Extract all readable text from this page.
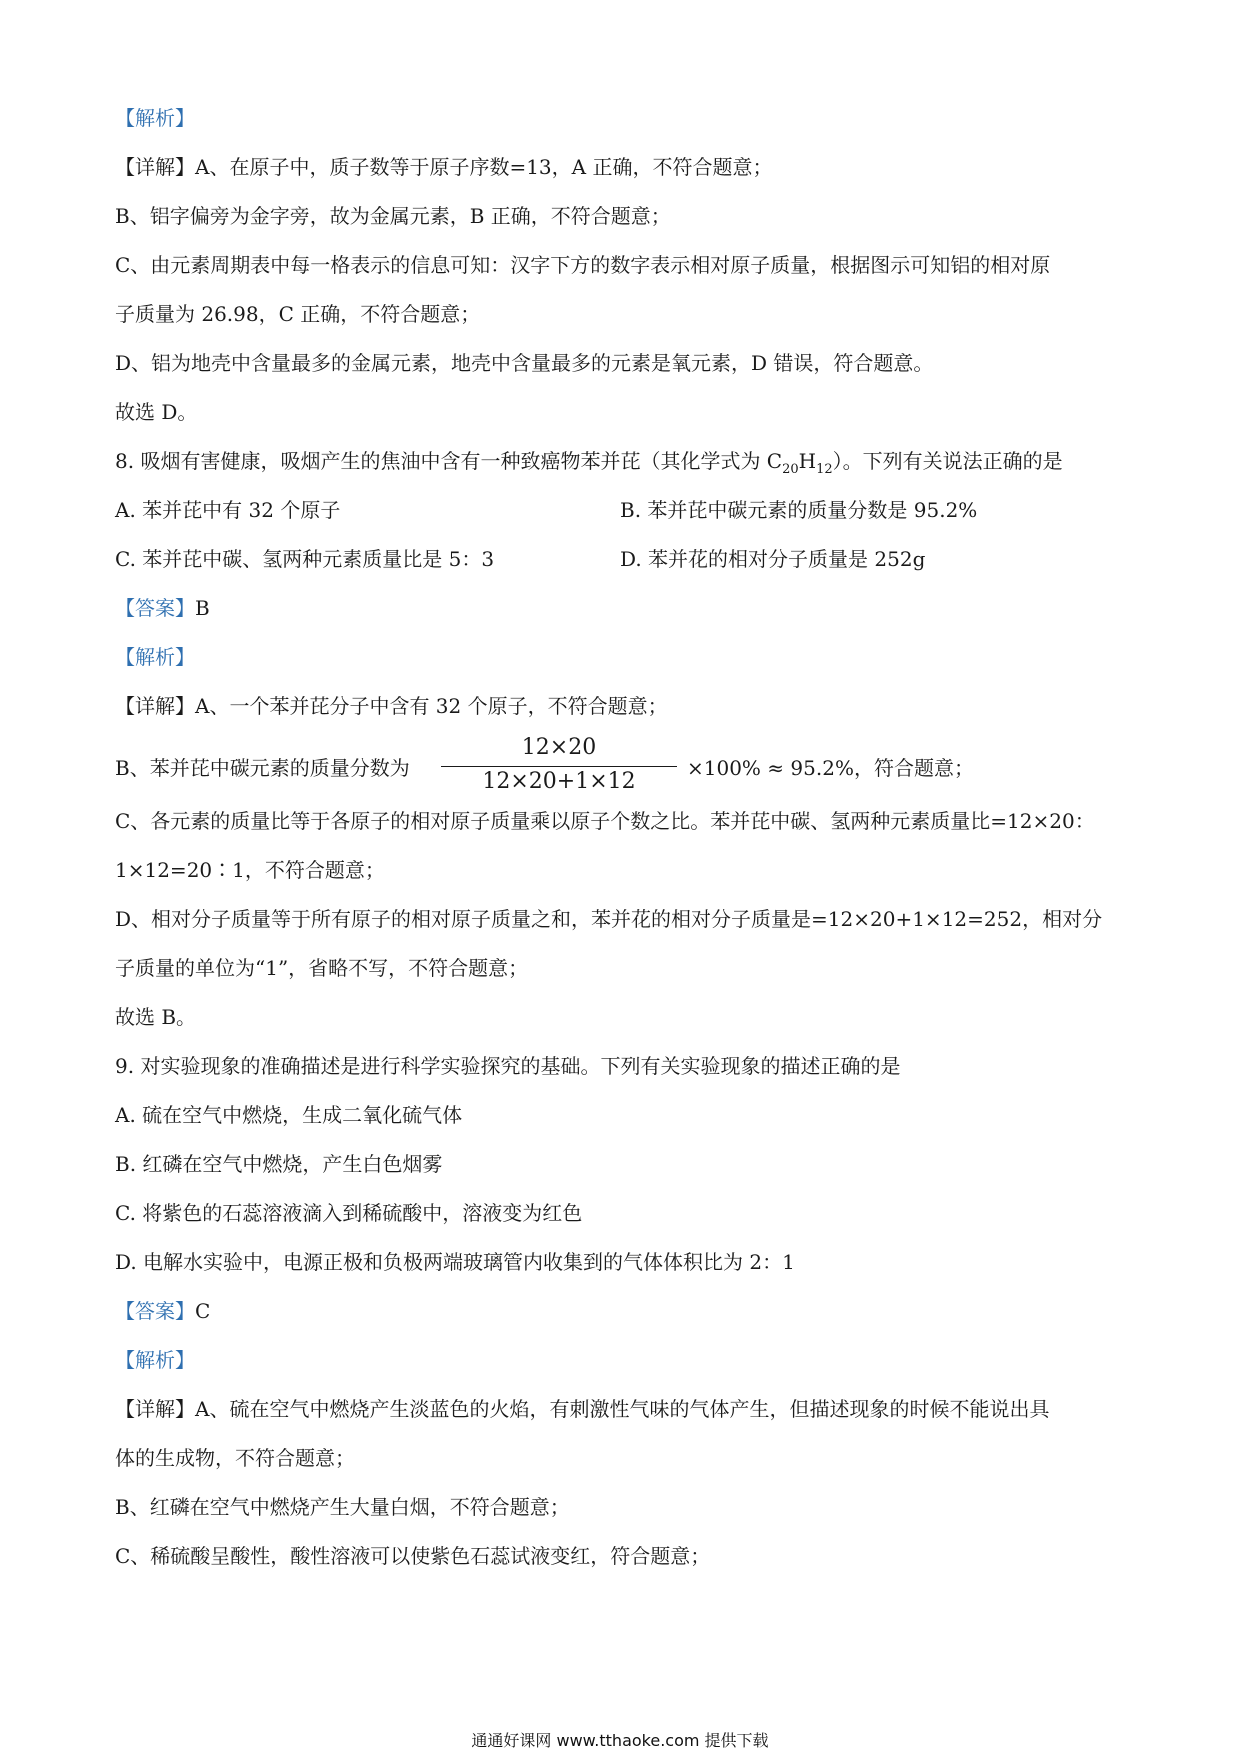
【解析】
【详解】A、在原子中，质子数等于原子序数=13，A 正确，不符合题意；
B、铝字偏旁为金字旁，故为金属元素，B 正确，不符合题意；
C、由元素周期表中每一格表示的信息可知：汉字下方的数字表示相对原子质量，根据图示可知铝的相对原
子质量为 26.98，C 正确，不符合题意；
D、铝为地壳中含量最多的金属元素，地壳中含量最多的元素是氧元素，D 错误，符合题意。
故选 D。
8. 吸烟有害健康，吸烟产生的焦油中含有一种致癌物苯并芘（其化学式为 $C_{20}H_{12}$）。下列有关说法正确的是
A. 苯并芘中有 32 个原子	B. 苯并芘中碳元素的质量分数是 95.2%
C. 苯并芘中碳、氢两种元素质量比是 5：3	D. 苯并花的相对分子质量是 252g
【答案】B
【解析】
【详解】A、一个苯并芘分子中含有 32 个原子，不符合题意；
B、苯并芘中碳元素的质量分数为
12×20
12×20+1×12
×100% ≈ 95.2%，符合题意；
C、各元素的质量比等于各原子的相对原子质量乘以原子个数之比。苯并芘中碳、氢两种元素质量比=12×20：
1×12=20∶1，不符合题意；
D、相对分子质量等于所有原子的相对原子质量之和，苯并花的相对分子质量是=12×20+1×12=252，相对分
子质量的单位为“1”，省略不写，不符合题意；
故选 B。
9. 对实验现象的准确描述是进行科学实验探究的基础。下列有关实验现象的描述正确的是
A. 硫在空气中燃烧，生成二氧化硫气体
B. 红磷在空气中燃烧，产生白色烟雾
C. 将紫色的石蕊溶液滴入到稀硫酸中，溶液变为红色
D. 电解水实验中，电源正极和负极两端玻璃管内收集到的气体体积比为 2：1
【答案】C
【解析】
【详解】A、硫在空气中燃烧产生淡蓝色的火焰，有刺激性气味的气体产生，但描述现象的时候不能说出具
体的生成物，不符合题意；
B、红磷在空气中燃烧产生大量白烟，不符合题意；
C、稀硫酸呈酸性，酸性溶液可以使紫色石蕊试液变红，符合题意；
通通好课网 www.tthaoke.com 提供下载
